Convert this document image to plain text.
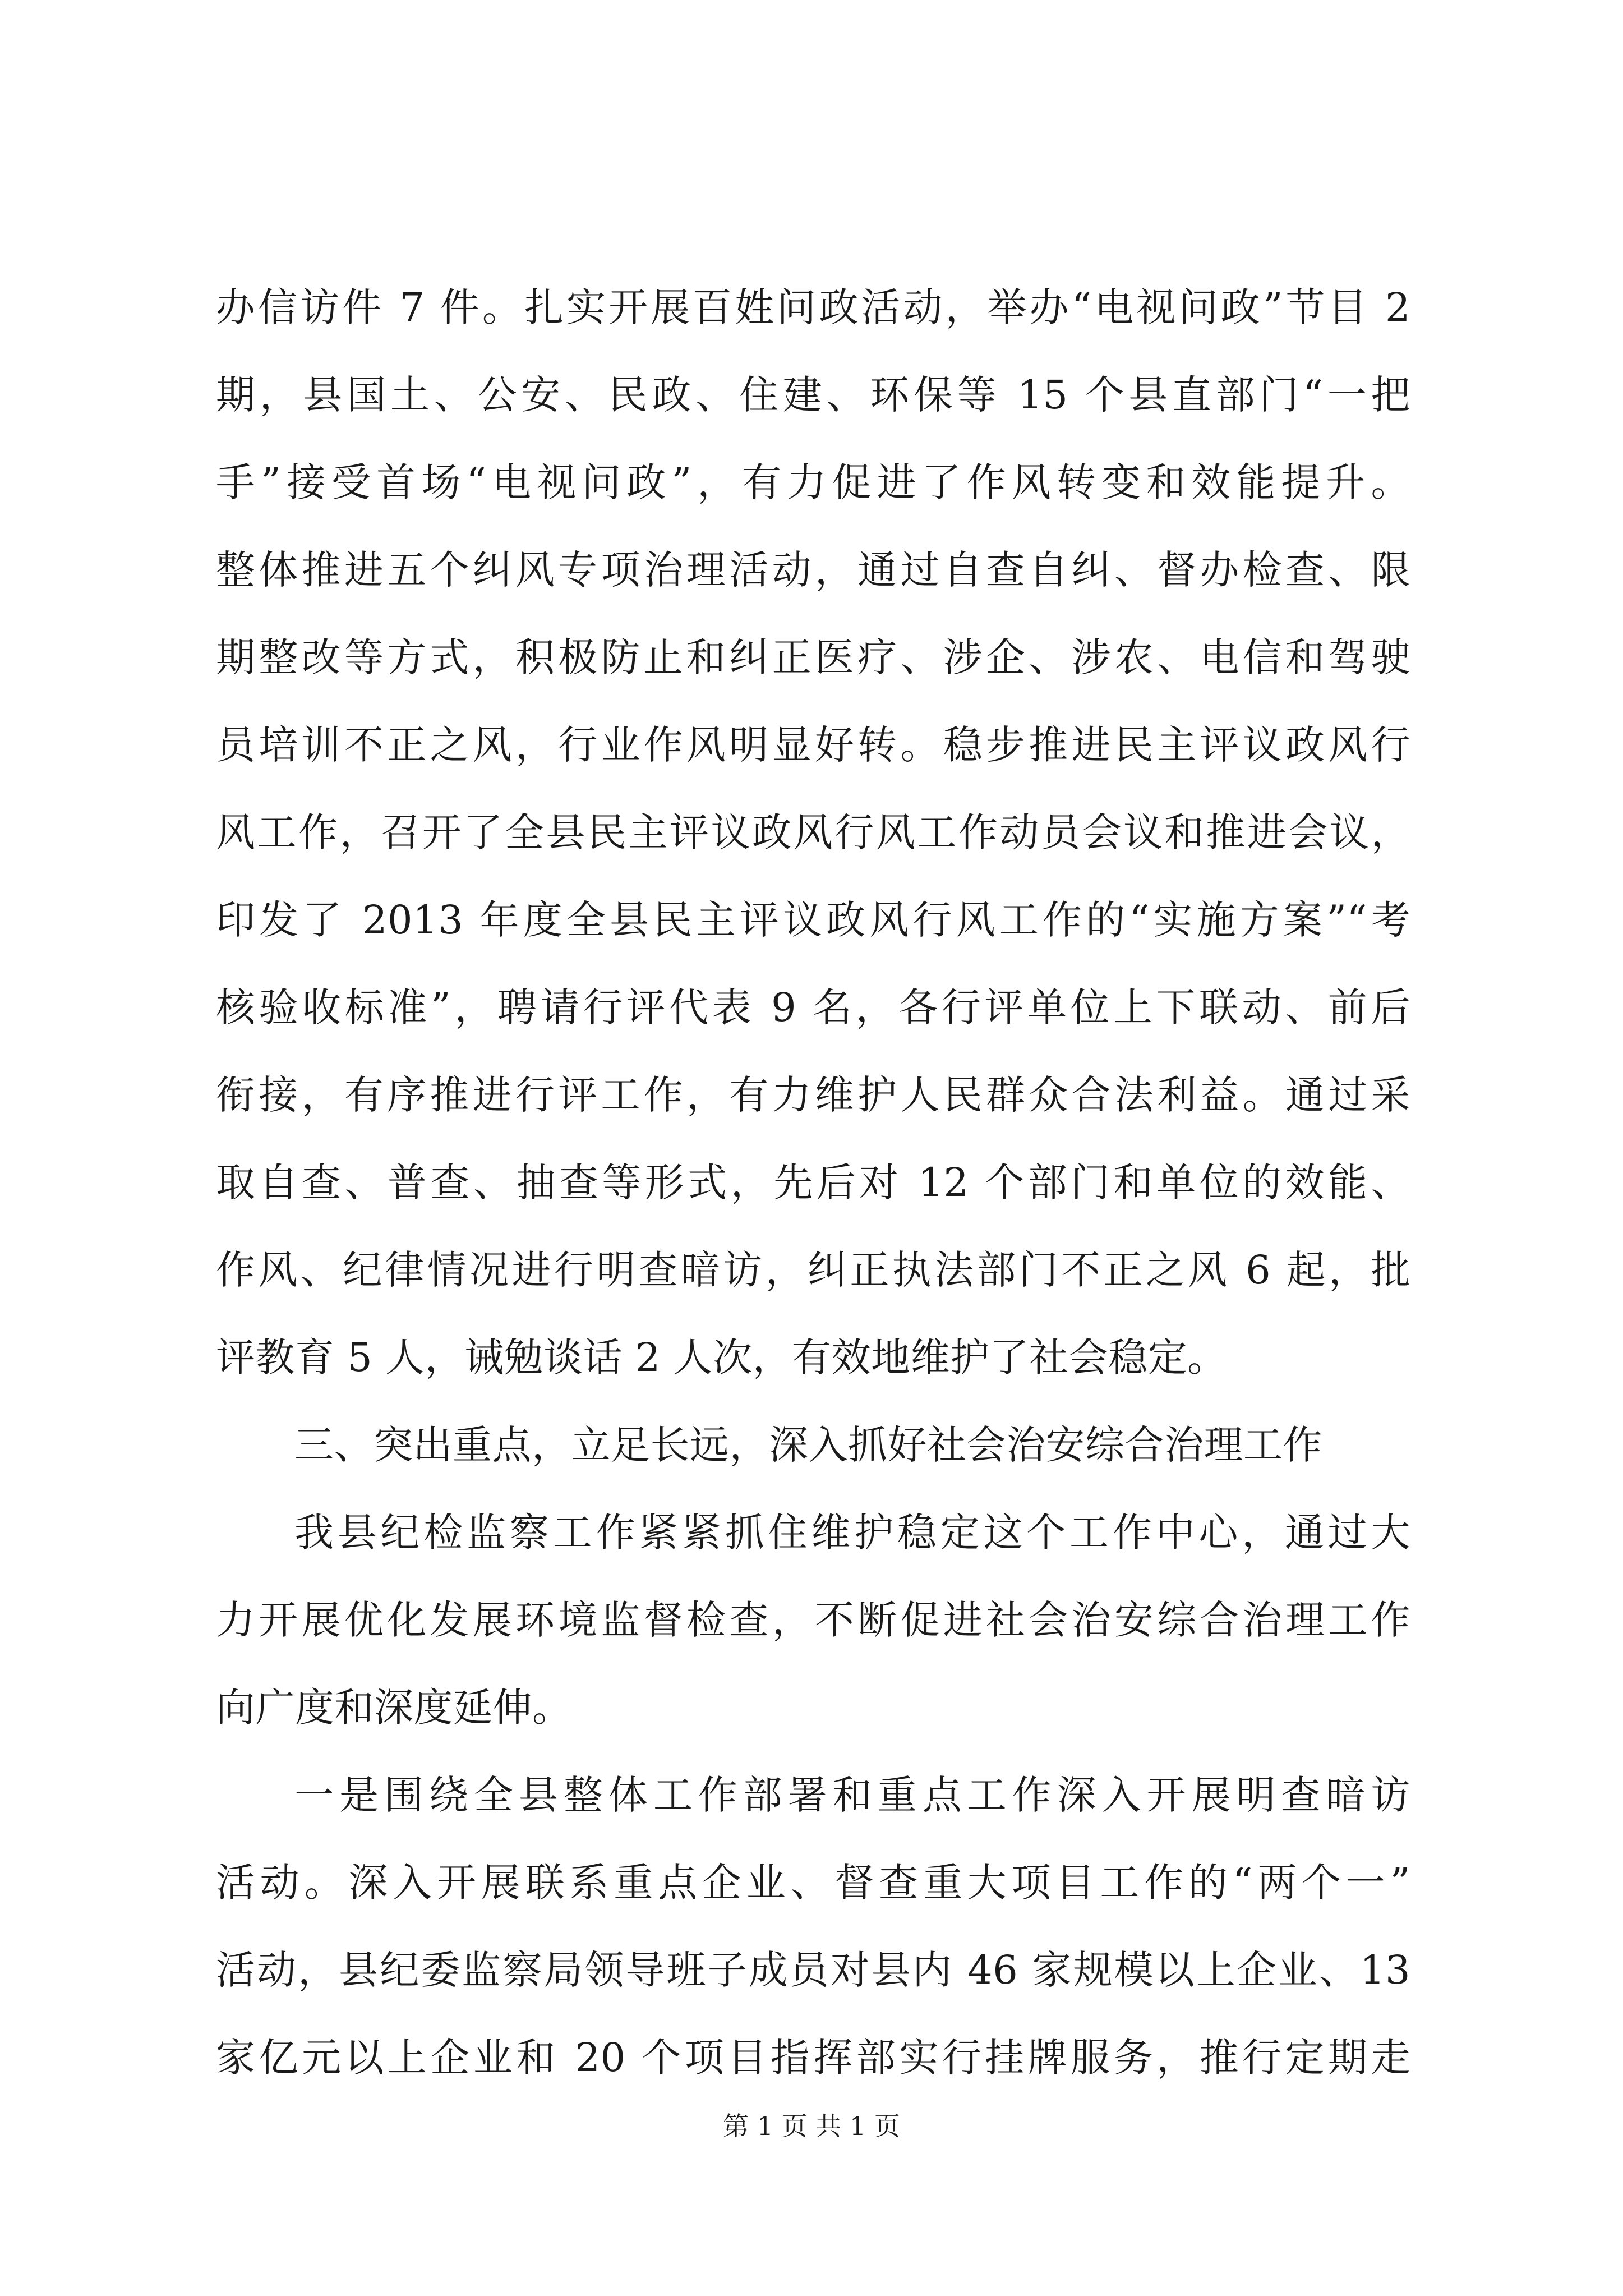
办信访件 7 件。扎实开展百姓问政活动，举办“电视问政”节目 2
期，县国土、公安、民政、住建、环保等 15 个县直部门“一把
手”接受首场“电视问政”，有力促进了作风转变和效能提升。
整体推进五个纠风专项治理活动，通过自查自纠、督办检查、限
期整改等方式，积极防止和纠正医疗、涉企、涉农、电信和驾驶
员培训不正之风，行业作风明显好转。稳步推进民主评议政风行
风工作，召开了全县民主评议政风行风工作动员会议和推进会议，
印发了 2013 年度全县民主评议政风行风工作的“实施方案”“考
核验收标准”，聘请行评代表 9 名，各行评单位上下联动、前后
衔接，有序推进行评工作，有力维护人民群众合法利益。通过采
取自查、普查、抽查等形式，先后对 12 个部门和单位的效能、
作风、纪律情况进行明查暗访，纠正执法部门不正之风 6 起，批
评教育 5 人，诫勉谈话 2 人次，有效地维护了社会稳定。
三、突出重点，立足长远，深入抓好社会治安综合治理工作
我县纪检监察工作紧紧抓住维护稳定这个工作中心，通过大
力开展优化发展环境监督检查，不断促进社会治安综合治理工作
向广度和深度延伸。
一是围绕全县整体工作部署和重点工作深入开展明查暗访
活动。深入开展联系重点企业、督查重大项目工作的“两个一”
活动，县纪委监察局领导班子成员对县内 46 家规模以上企业、13
家亿元以上企业和 20 个项目指挥部实行挂牌服务，推行定期走
第 1 页 共 1 页
